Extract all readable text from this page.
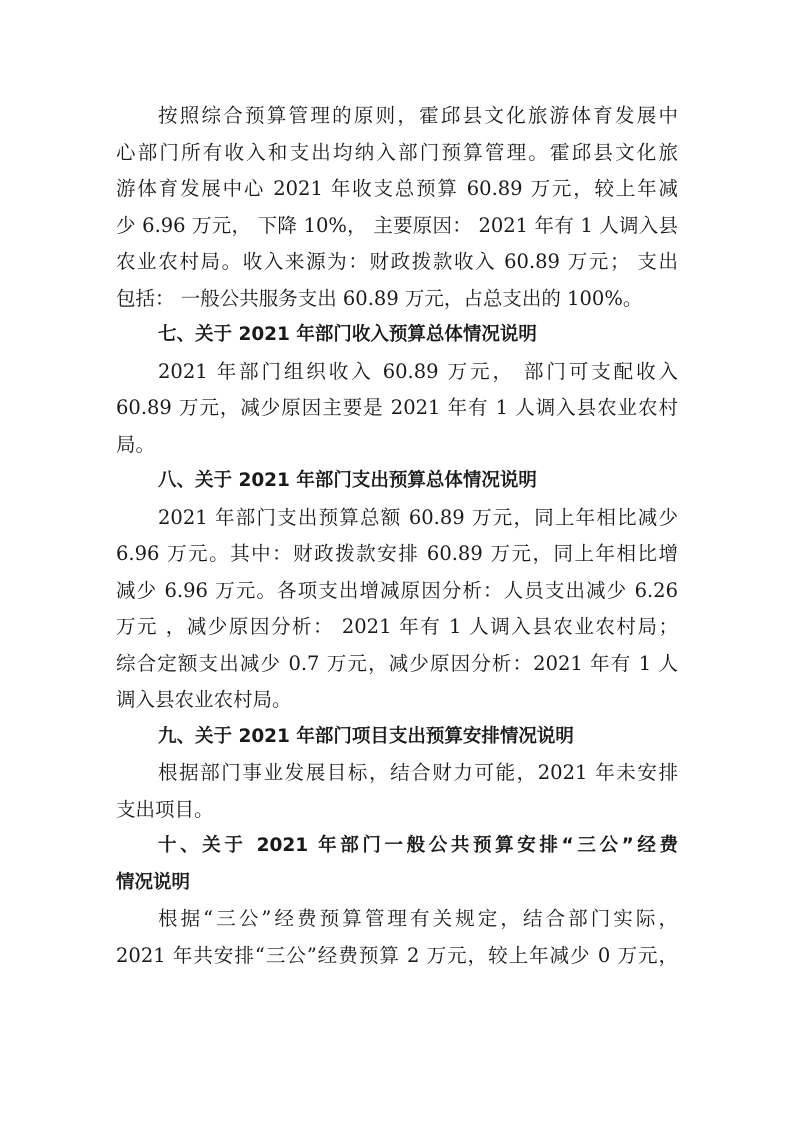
按照综合预算管理的原则，霍邱县文化旅游体育发展中
心部门所有收入和支出均纳入部门预算管理。霍邱县文化旅
游体育发展中心 2021 年收支总预算 60.89 万元，较上年减
少 6.96 万元， 下降 10%， 主要原因： 2021 年有 1 人调入县
农业农村局。收入来源为：财政拨款收入 60.89 万元； 支出
包括： 一般公共服务支出 60.89 万元，占总支出的 100%。
七、关于 2021 年部门收入预算总体情况说明
2021 年部门组织收入 60.89 万元， 部门可支配收入
60.89 万元，减少原因主要是 2021 年有 1 人调入县农业农村
局。
八、关于 2021 年部门支出预算总体情况说明
2021 年部门支出预算总额 60.89 万元，同上年相比减少
6.96 万元。其中：财政拨款安排 60.89 万元，同上年相比增
减少 6.96 万元。各项支出增减原因分析：人员支出减少 6.26
万元 ，减少原因分析： 2021 年有 1 人调入县农业农村局；
综合定额支出减少 0.7 万元，减少原因分析：2021 年有 1 人
调入县农业农村局。
九、关于 2021 年部门项目支出预算安排情况说明
根据部门事业发展目标，结合财力可能，2021 年未安排
支出项目。
十、关于 2021 年部门一般公共预算安排“三公”经费
情况说明
根据“三公”经费预算管理有关规定，结合部门实际，
2021 年共安排“三公”经费预算 2 万元，较上年减少 0 万元，
